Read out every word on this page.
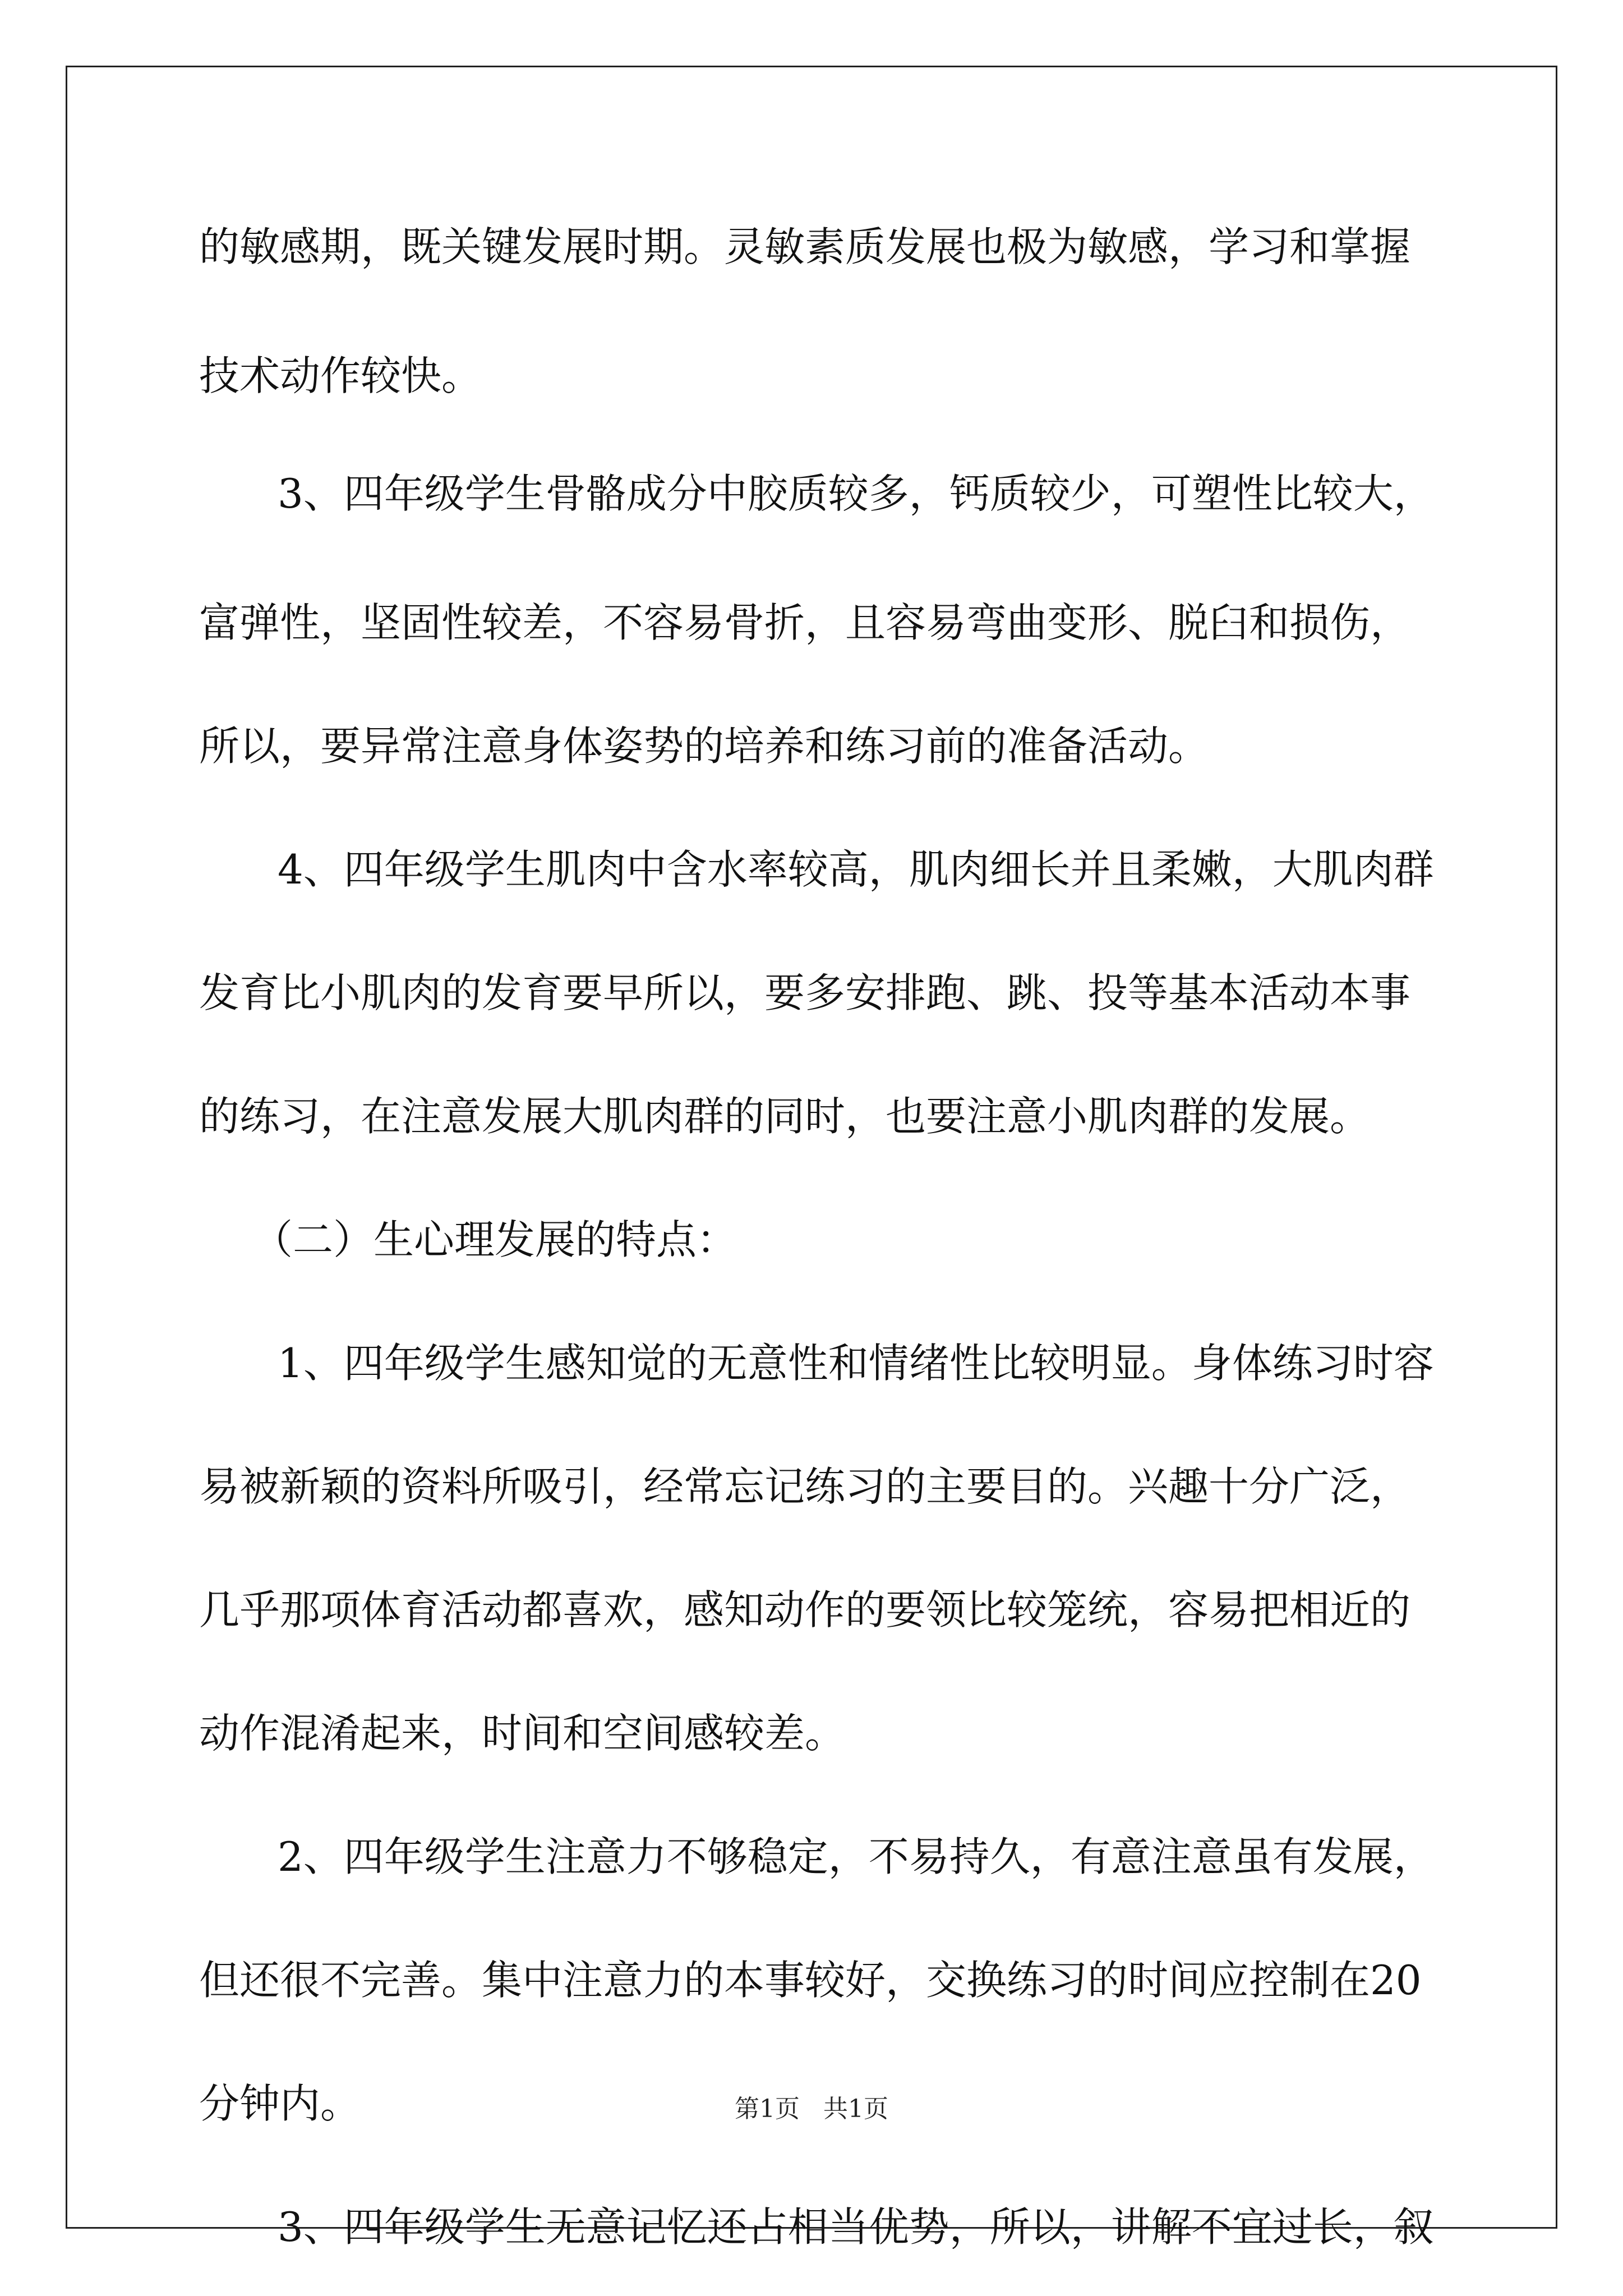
的敏感期，既关键发展时期。灵敏素质发展也极为敏感，学习和掌握
技术动作较快。
3、四年级学生骨骼成分中胶质较多，钙质较少，可塑性比较大，
富弹性，坚固性较差，不容易骨折，且容易弯曲变形、脱臼和损伤，
所以，要异常注意身体姿势的培养和练习前的准备活动。
4、四年级学生肌肉中含水率较高，肌肉细长并且柔嫩，大肌肉群
发育比小肌肉的发育要早所以，要多安排跑、跳、投等基本活动本事
的练习，在注意发展大肌肉群的同时，也要注意小肌肉群的发展。
（二）生心理发展的特点：
1、四年级学生感知觉的无意性和情绪性比较明显。身体练习时容
易被新颖的资料所吸引，经常忘记练习的主要目的。兴趣十分广泛，
几乎那项体育活动都喜欢，感知动作的要领比较笼统，容易把相近的
动作混淆起来，时间和空间感较差。
2、四年级学生注意力不够稳定，不易持久，有意注意虽有发展，
但还很不完善。集中注意力的本事较好，交换练习的时间应控制在20
分钟内。
3、四年级学生无意记忆还占相当优势，所以，讲解不宜过长，叙
第1页 共1页
